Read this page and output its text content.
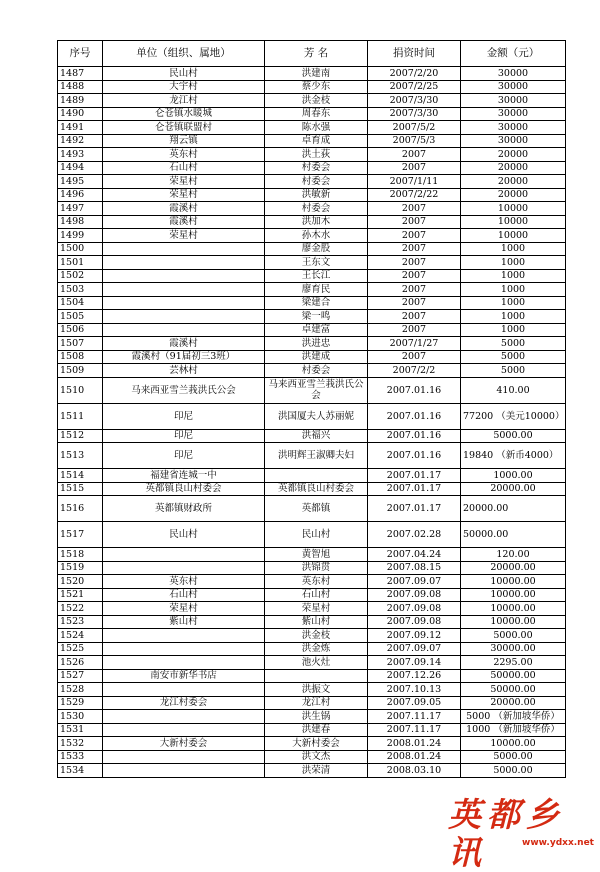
序号	单位（组织、属地）	芳 名	捐资时间	金额（元）
1487	民山村	洪建南	2007/2/20	30000
1488	大宇村	蔡少东	2007/2/25	30000
1489	龙江村	洪金枝	2007/3/30	30000
1490	仑苍镇水暖城	周春东	2007/3/30	30000
1491	仑苍镇联盟村	陈水强	2007/5/2	30000
1492	翔云镇	卓育成	2007/5/3	30000
1493	英东村	洪土荻	2007	20000
1494	石山村	村委会	2007	20000
1495	荣星村	村委会	2007/1/11	20000
1496	荣星村	洪敏新	2007/2/22	20000
1497	霞溪村	村委会	2007	10000
1498	霞溪村	洪加木	2007	10000
1499	荣星村	孙木水	2007	10000
1500		廖金股	2007	1000
1501		王东文	2007	1000
1502		王长江	2007	1000
1503		廖育民	2007	1000
1504		梁建合	2007	1000
1505		梁一鸣	2007	1000
1506		卓建富	2007	1000
1507	霞溪村	洪进忠	2007/1/27	5000
1508	霞溪村（91届初三3班）	洪建成	2007	5000
1509	芸林村	村委会	2007/2/2	5000
1510	马来西亚雪兰莪洪氏公会	马来西亚雪兰莪洪氏公会	2007.01.16	410.00
1511	印尼	洪国厦夫人苏丽妮	2007.01.16	77200 （美元10000）
1512	印尼	洪福兴	2007.01.16	5000.00
1513	印尼	洪明辉王淑卿夫妇	2007.01.16	19840 （新币4000）
1514	福建省连城一中		2007.01.17	1000.00
1515	英都镇良山村委会	英都镇良山村委会	2007.01.17	20000.00
1516	英都镇财政所	英都镇	2007.01.17	20000.00
1517	民山村	民山村	2007.02.28	50000.00
1518		黄智旭	2007.04.24	120.00
1519		洪锦贯	2007.08.15	20000.00
1520	英东村	英东村	2007.09.07	10000.00
1521	石山村	石山村	2007.09.08	10000.00
1522	荣星村	荣星村	2007.09.08	10000.00
1523	紫山村	紫山村	2007.09.08	10000.00
1524		洪金枝	2007.09.12	5000.00
1525		洪金炼	2007.09.07	30000.00
1526		池火灶	2007.09.14	2295.00
1527	南安市新华书店		2007.12.26	50000.00
1528		洪振文	2007.10.13	50000.00
1529	龙江村委会	龙江村	2007.09.05	20000.00
1530		洪生锅	2007.11.17	5000 （新加坡华侨）
1531		洪建春	2007.11.17	1000 （新加坡华侨）
1532	大新村委会	大新村委会	2008.01.24	10000.00
1533		洪文杰	2008.01.24	5000.00
1534		洪荣清	2008.03.10	5000.00
英都乡讯	www.ydxx.net
